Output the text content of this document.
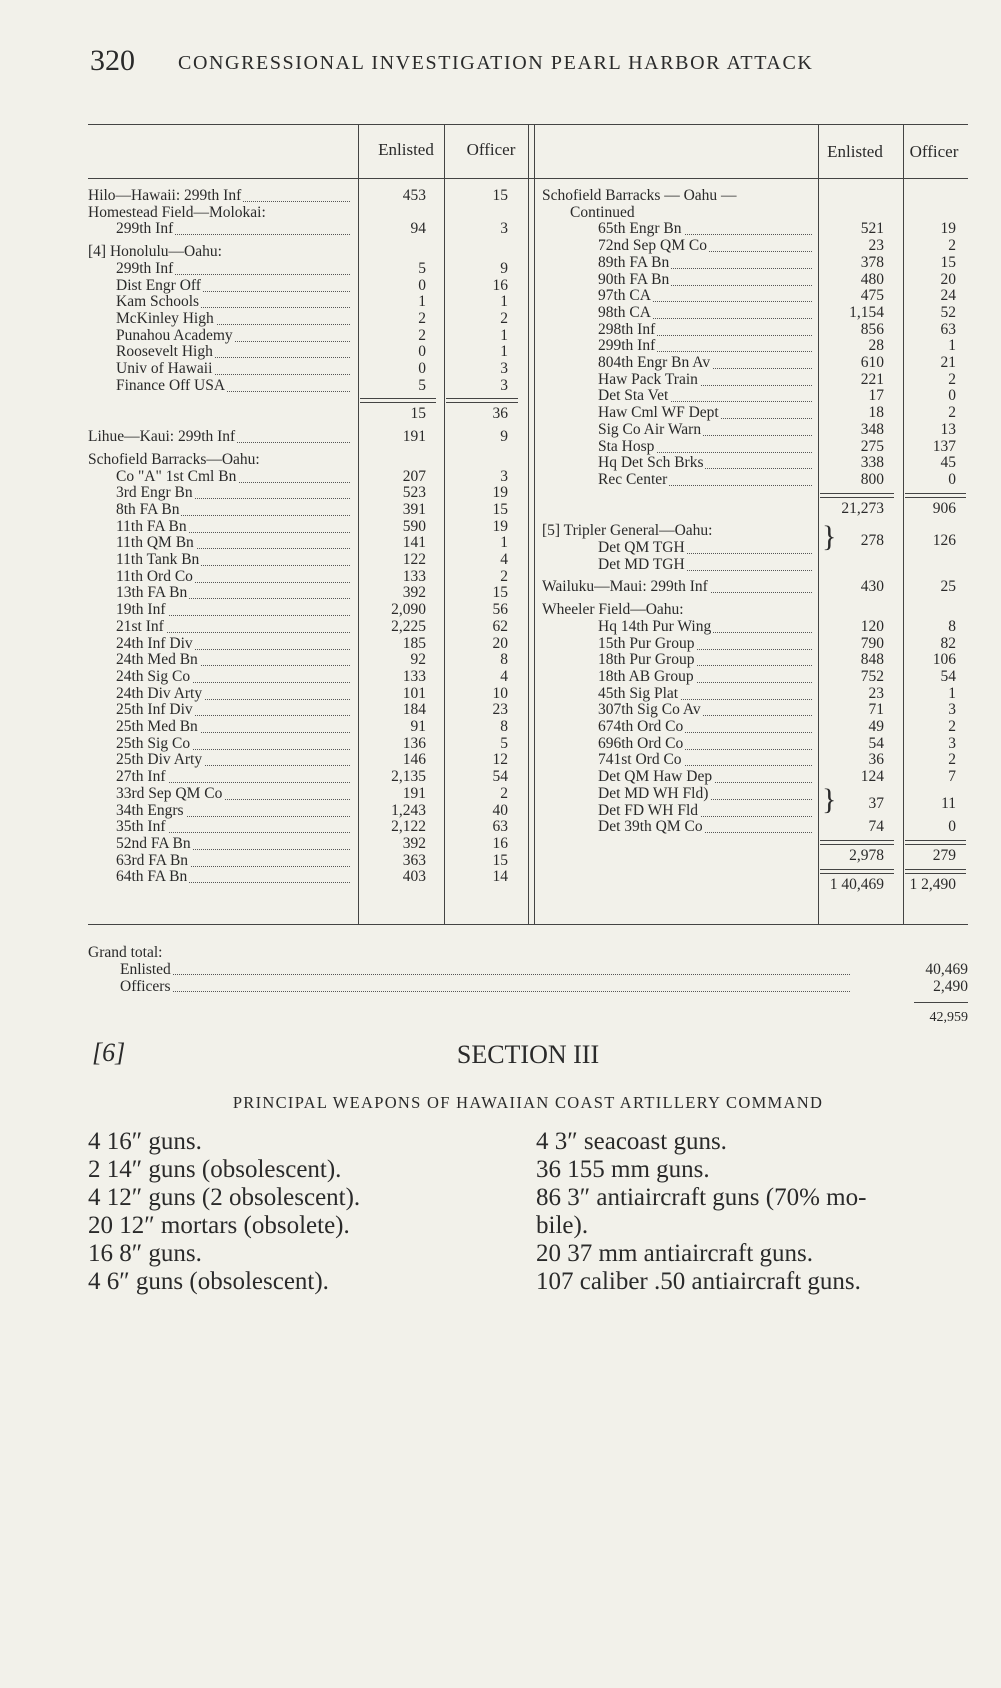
320 CONGRESSIONAL INVESTIGATION PEARL HARBOR ATTACK
Enlisted	Officer	Enlisted	Officer
Hilo—Hawaii: 299th Inf	453	15
Homestead Field—Molokai:
299th Inf	94	3
[4] Honolulu—Oahu:
299th Inf	5	9
Dist Engr Off	0	16
Kam Schools	1	1
McKinley High	2	2
Punahou Academy	2	1
Roosevelt High	0	1
Univ of Hawaii	0	3
Finance Off USA	5	3
15	36
Lihue—Kaui: 299th Inf	191	9
Schofield Barracks—Oahu:
Co "A" 1st Cml Bn	207	3
3rd Engr Bn	523	19
8th FA Bn	391	15
11th FA Bn	590	19
11th QM Bn	141	1
11th Tank Bn	122	4
11th Ord Co	133	2
13th FA Bn	392	15
19th Inf	2,090	56
21st Inf	2,225	62
24th Inf Div	185	20
24th Med Bn	92	8
24th Sig Co	133	4
24th Div Arty	101	10
25th Inf Div	184	23
25th Med Bn	91	8
25th Sig Co	136	5
25th Div Arty	146	12
27th Inf	2,135	54
33rd Sep QM Co	191	2
34th Engrs	1,243	40
35th Inf	2,122	63
52nd FA Bn	392	16
63rd FA Bn	363	15
64th FA Bn	403	14
Schofield Barracks — Oahu —
Continued
65th Engr Bn	521	19
72nd Sep QM Co	23	2
89th FA Bn	378	15
90th FA Bn	480	20
97th CA	475	24
98th CA	1,154	52
298th Inf	856	63
299th Inf	28	1
804th Engr Bn Av	610	21
Haw Pack Train	221	2
Det Sta Vet	17	0
Haw Cml WF Dept	18	2
Sig Co Air Warn	348	13
Sta Hosp	275	137
Hq Det Sch Brks	338	45
Rec Center	800	0
21,273	906
[5] Tripler General—Oahu:
Det QM TGH	278	126
}
Det MD TGH
Wailuku—Maui: 299th Inf	430	25
Wheeler Field—Oahu:
Hq 14th Pur Wing	120	8
15th Pur Group	790	82
18th Pur Group	848	106
18th AB Group	752	54
45th Sig Plat	23	1
307th Sig Co Av	71	3
674th Ord Co	49	2
696th Ord Co	54	3
741st Ord Co	36	2
Det QM Haw Dep	124	7
Det MD WH Fld)
Det FD WH Fld	37	11
}
Det 39th QM Co	74	0
2,978	279
1 40,469	1 2,490
Grand total:
Enlisted	40,469
Officers	2,490
42,959
[6]	SECTION III
PRINCIPAL WEAPONS OF HAWAIIAN COAST ARTILLERY COMMAND
4 16″ guns.
2 14″ guns (obsolescent).
4 12″ guns (2 obsolescent).
20 12″ mortars (obsolete).
16 8″ guns.
4 6″ guns (obsolescent).
4 3″ seacoast guns.
36 155 mm guns.
86 3″ antiaircraft guns (70% mo-
bile).
20 37 mm antiaircraft guns.
107 caliber .50 antiaircraft guns.
